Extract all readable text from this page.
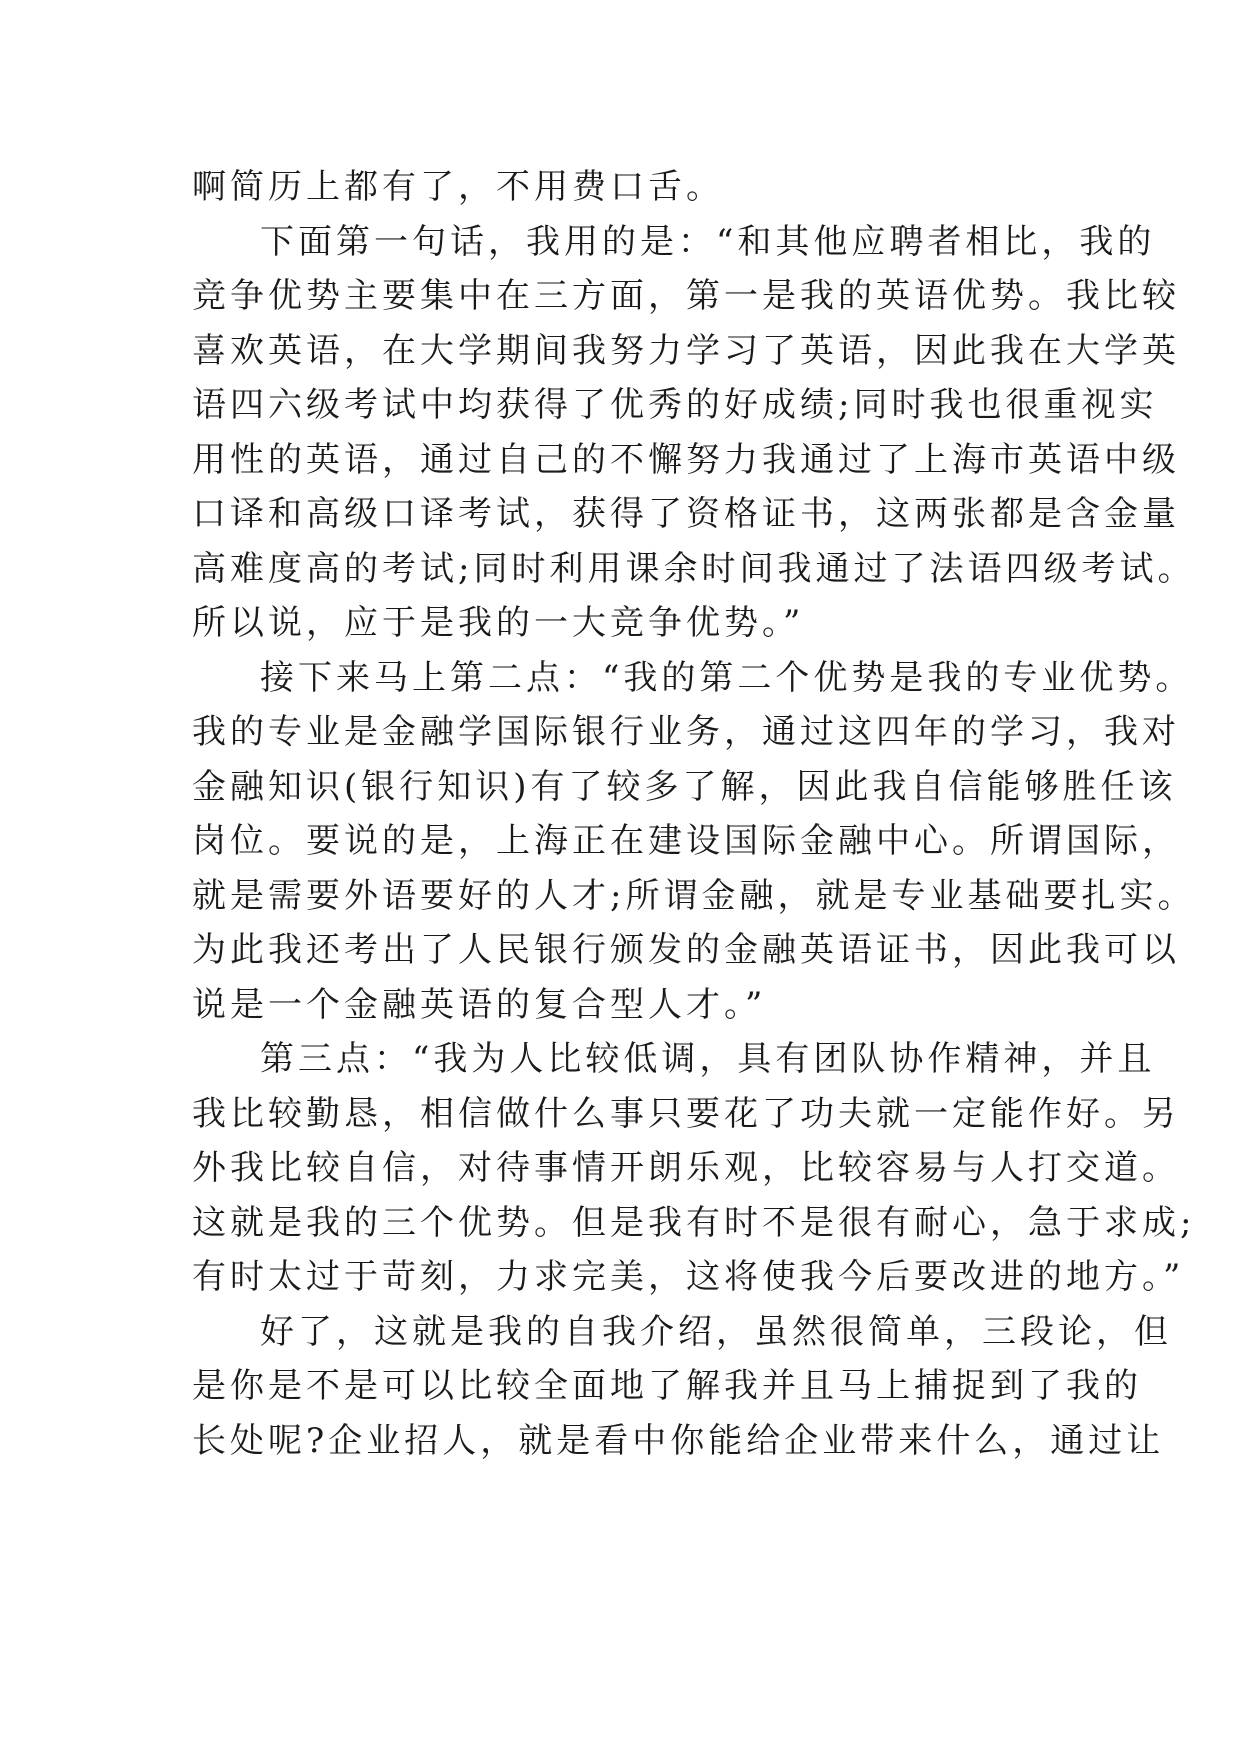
啊简历上都有了，不用费口舌。
下面第一句话，我用的是：“和其他应聘者相比，我的
竞争优势主要集中在三方面，第一是我的英语优势。我比较
喜欢英语，在大学期间我努力学习了英语，因此我在大学英
语四六级考试中均获得了优秀的好成绩;同时我也很重视实
用性的英语，通过自己的不懈努力我通过了上海市英语中级
口译和高级口译考试，获得了资格证书，这两张都是含金量
高难度高的考试;同时利用课余时间我通过了法语四级考试。
所以说，应于是我的一大竞争优势。”
接下来马上第二点：“我的第二个优势是我的专业优势。
我的专业是金融学国际银行业务，通过这四年的学习，我对
金融知识(银行知识)有了较多了解，因此我自信能够胜任该
岗位。要说的是，上海正在建设国际金融中心。所谓国际，
就是需要外语要好的人才;所谓金融，就是专业基础要扎实。
为此我还考出了人民银行颁发的金融英语证书，因此我可以
说是一个金融英语的复合型人才。”
第三点：“我为人比较低调，具有团队协作精神，并且
我比较勤恳，相信做什么事只要花了功夫就一定能作好。另
外我比较自信，对待事情开朗乐观，比较容易与人打交道。
这就是我的三个优势。但是我有时不是很有耐心，急于求成;
有时太过于苛刻，力求完美，这将使我今后要改进的地方。”
好了，这就是我的自我介绍，虽然很简单，三段论，但
是你是不是可以比较全面地了解我并且马上捕捉到了我的
长处呢?企业招人，就是看中你能给企业带来什么，通过让
